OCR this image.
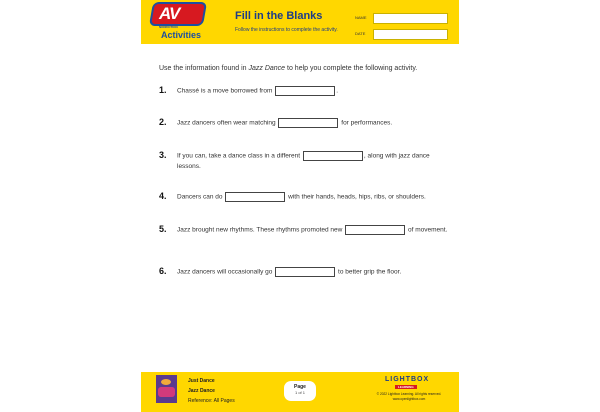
AV
NONFICTION
Activities
Fill in the Blanks
Follow the instructions to complete the activity.
NAME
DATE
Use the information found in Jazz Dance to help you complete the following activity.
1. Chassé is a move borrowed from	.
2. Jazz dancers often wear matching	for performances.
3. If you can, take a dance class in a different	, along with jazz dance lessons.
4. Dancers can do	with their hands, heads, hips, ribs, or shoulders.
5. Jazz brought new rhythms. These rhythms promoted new	of movement.
6. Jazz dancers will occasionally go	to better grip the floor.
Just Dance
Jazz Dance
Reference: All Pages
Page
1 of 1
LIGHTBOX
LEARNING
© 2022 Lightbox Learning. All rights reserved.
www.openlightbox.com
